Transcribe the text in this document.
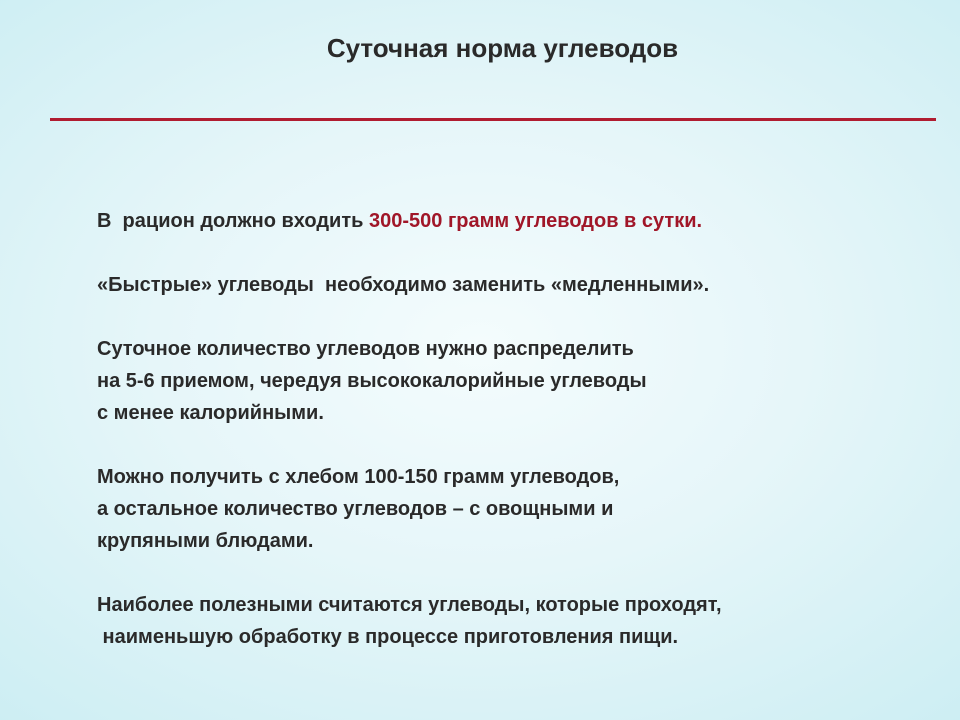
Суточная норма углеводов

В  рацион должно входить 300-500 грамм углеводов в сутки.

«Быстрые» углеводы  необходимо заменить «медленными».

Суточное количество углеводов нужно распределить
на 5-6 приемом, чередуя высококалорийные углеводы
с менее калорийными.

Можно получить с хлебом 100-150 грамм углеводов,
а остальное количество углеводов – с овощными и
крупяными блюдами.

Наиболее полезными считаются углеводы, которые проходят,
наименьшую обработку в процессе приготовления пищи.
